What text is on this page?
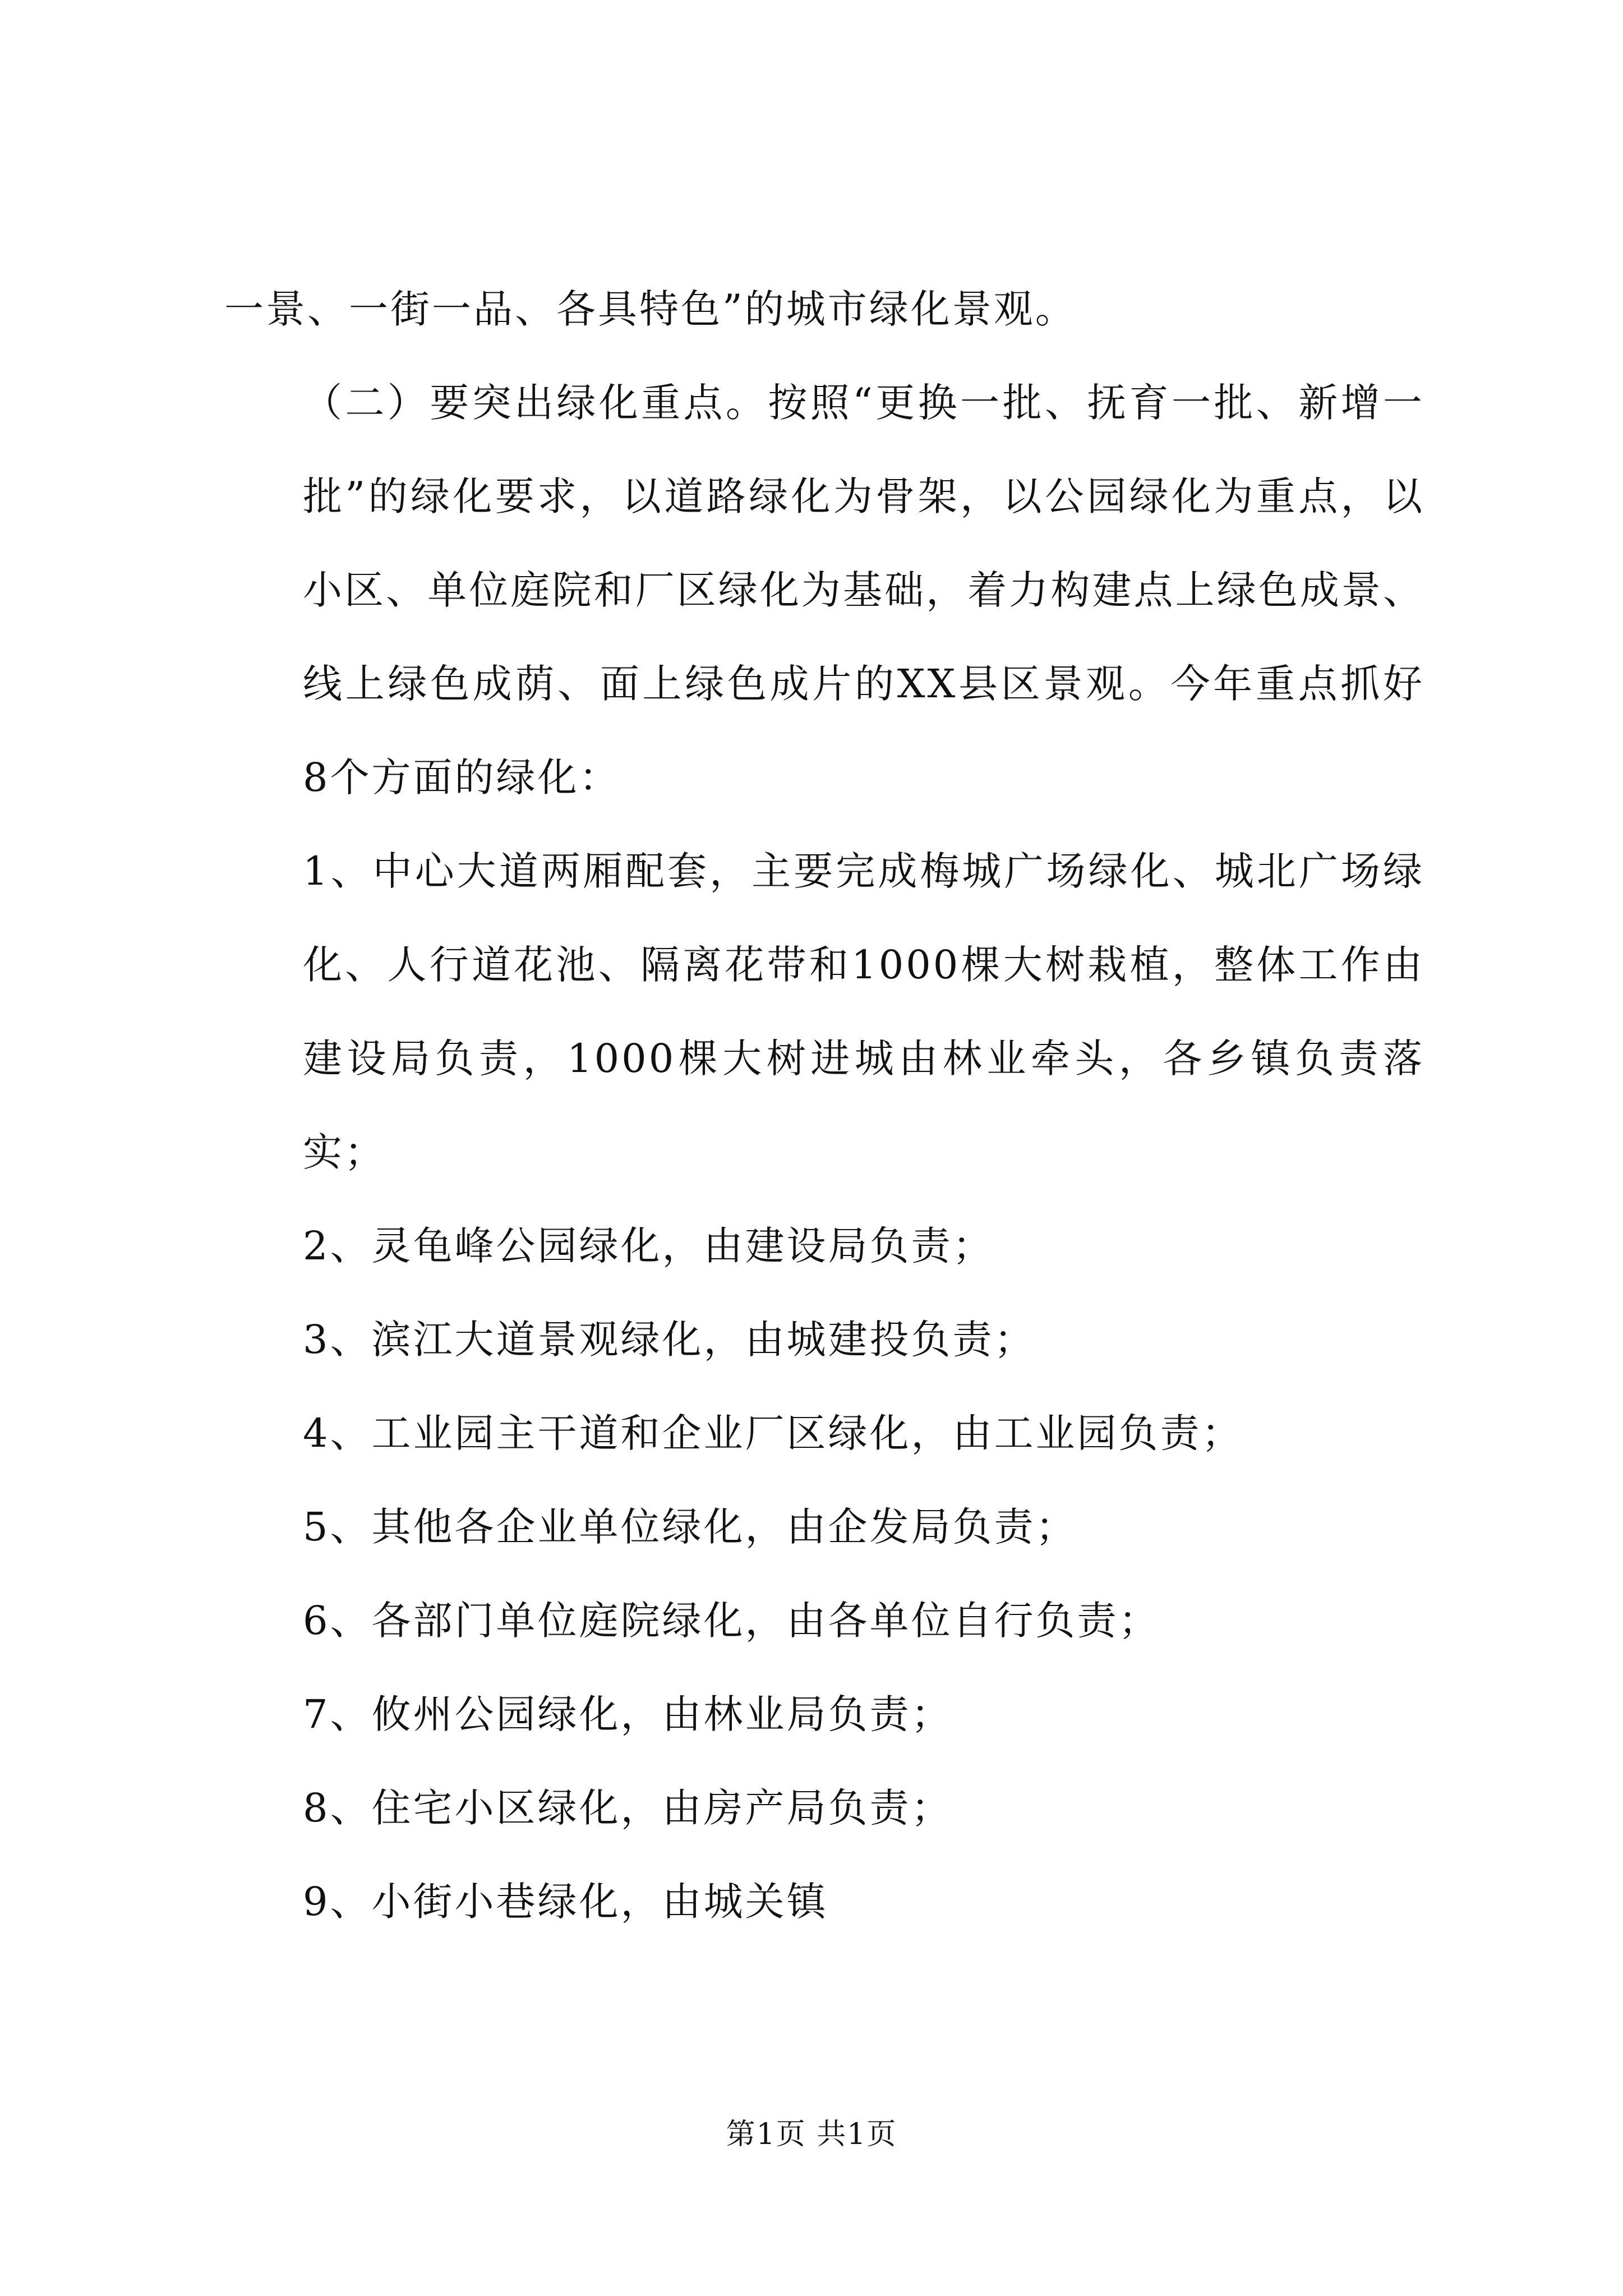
一景、一街一品、各具特色”的城市绿化景观。

（二）要突出绿化重点。按照“更换一批、抚育一批、新增一批”的绿化要求，以道路绿化为骨架，以公园绿化为重点，以小区、单位庭院和厂区绿化为基础，着力构建点上绿色成景、线上绿色成荫、面上绿色成片的XX县区景观。今年重点抓好8个方面的绿化：

1、中心大道两厢配套，主要完成梅城广场绿化、城北广场绿化、人行道花池、隔离花带和1000棵大树栽植，整体工作由建设局负责，1000棵大树进城由林业牵头，各乡镇负责落实；

2、灵龟峰公园绿化，由建设局负责；

3、滨江大道景观绿化，由城建投负责；

4、工业园主干道和企业厂区绿化，由工业园负责；

5、其他各企业单位绿化，由企发局负责；

6、各部门单位庭院绿化，由各单位自行负责；

7、攸州公园绿化，由林业局负责；

8、住宅小区绿化，由房产局负责；

9、小街小巷绿化，由城关镇

第1页 共1页
